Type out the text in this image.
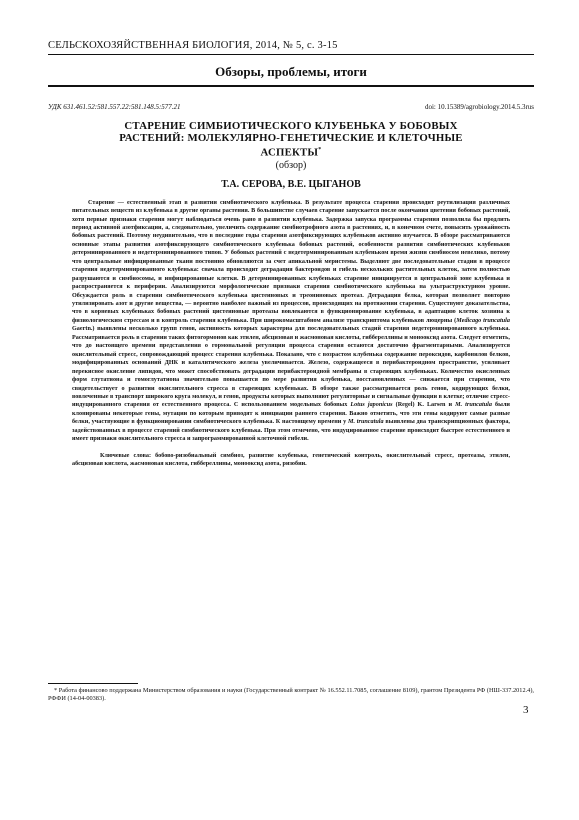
СЕЛЬСКОХОЗЯЙСТВЕННАЯ БИОЛОГИЯ, 2014, № 5, с. 3-15
Обзоры, проблемы, итоги
УДК 631.461.52:581.557.22:581.148.5:577.21	doi: 10.15389/agrobiology.2014.5.3rus
СТАРЕНИЕ СИМБИОТИЧЕСКОГО КЛУБЕНЬКА У БОБОВЫХ
РАСТЕНИЙ: МОЛЕКУЛЯРНО-ГЕНЕТИЧЕСКИЕ И КЛЕТОЧНЫЕ
АСПЕКТЫ*
(обзор)
Т.А. СЕРОВА, В.Е. ЦЫГАНОВ
Старение — естественный этап в развитии симбиотического клубенька. В результате процесса старения происходит реутилизация различных питательных веществ из клубенька в другие органы растения. В большинстве случаев старение запускается после окончания цветения бобовых растений, хотя первые признаки старения могут наблюдаться очень рано в развитии клубенька. Задержка запуска программы старения позволила бы продлить период активной азотфиксации, а, следовательно, увеличить содержание симбиотрофного азота в растениях, и, в конечном счете, повысить урожайность бобовых растений. Поэтому неудивительно, что в последние годы старения азотфиксирующих клубеньков активно изучается. В обзоре рассматриваются основные этапы развития азотфиксирующего симбиотического клубенька бобовых растений, особенности развития симбиотических клубеньков детерминированного и недетерминированного типов. У бобовых растений с недетерминированным клубеньком время жизни симбиосом невелико, потому что центральные инфицированные ткани постоянно обновляются за счет апикальной меристемы. Выделяют две последовательные стадии в процессе старения недетерминированного клубенька: сначала происходит деградация бактероидов и гибель нескольких растительных клеток, затем полностью разрушаются и симбиосомы, и инфицированные клетки. В детерминированных клубеньках старение инициируется в центральной зоне клубенька и распространяется к периферии. Анализируются морфологические признаки старения симбиотического клубенька на ультраструктурном уровне. Обсуждается роль в старении симбиотического клубенька цистеиновых и треониновых протеаз. Деградация белка, которая позволяет повторно утилизировать азот и другие вещества, — вероятно наиболее важный из процессов, происходящих на протяжении старения. Существуют доказательства, что в корневых клубеньках бобовых растений цистеиновые протеазы вовлекаются в функционирование клубенька, в адаптацию клеток хозяина к физиологическим стрессам и в контроль старения клубенька. При широкомасштабном анализе транскриптома клубеньков люцерны (Medicago truncatula Gaertn.) выявлены несколько групп генов, активность которых характерна для последовательных стадий старения недетерминированного клубенька. Рассматривается роль в старении таких фитогормонов как этилен, абсцизовая и жасмоновая кислоты, гиббереллины и монооксид азота. Следует отметить, что до настоящего времени представления о гормональной регуляции процесса старения остаются достаточно фрагментарными. Анализируется окислительный стресс, сопровождающий процесс старения клубенька. Показано, что с возрастом клубенька содержание пероксидов, карбонилов белков, модифицированных оснований ДНК и каталитического железа увеличивается. Железо, содержащееся в перибактероидном пространстве, усиливает перекисное окисление липидов, что может способствовать деградации перибактероидной мембраны в стареющих клубеньках. Количество окисленных форм глутатиона и гомоглутатиона значительно повышается по мере развития клубенька, восстановленных — снижается при старении, что свидетельствует о развитии окислительного стресса в стареющих клубеньках. В обзоре также рассматривается роль генов, кодирующих белки, вовлеченные в транспорт широкого круга молекул, и генов, продукты которых выполняют регуляторные и сигнальные функции в клетке; отличие стресс-индуцированного старения от естественного процесса. С использованием модельных бобовых Lotus japonicus (Regel) K. Larsen и M. truncatula были клонированы некоторые гены, мутации по которым приводят к инициации раннего старения. Важно отметить, что эти гены кодируют самые разные белки, участвующие в функционировании симбиотического клубенька. К настоящему времени у M. truncatula выявлены два транскрипционных фактора, задействованных в процессе старений симбиотического клубенька. При этом отмечено, что индуцированное старение происходит быстрее естественного и имеет признаки окислительного стресса и запрограммированной клеточной гибели.
Ключевые слова: бобово-ризобиальный симбиоз, развитие клубенька, генетический контроль, окислительный стресс, протеазы, этилен, абсцизовая кислота, жасмоновая кислота, гиббереллины, монооксид азота, ризобии.
* Работа финансово поддержана Министерством образования и науки (Государственный контракт № 16.552.11.7085, соглашение 8109), грантом Президента РФ (НШ-337.2012.4), РФФИ (14-04-00383).
3
